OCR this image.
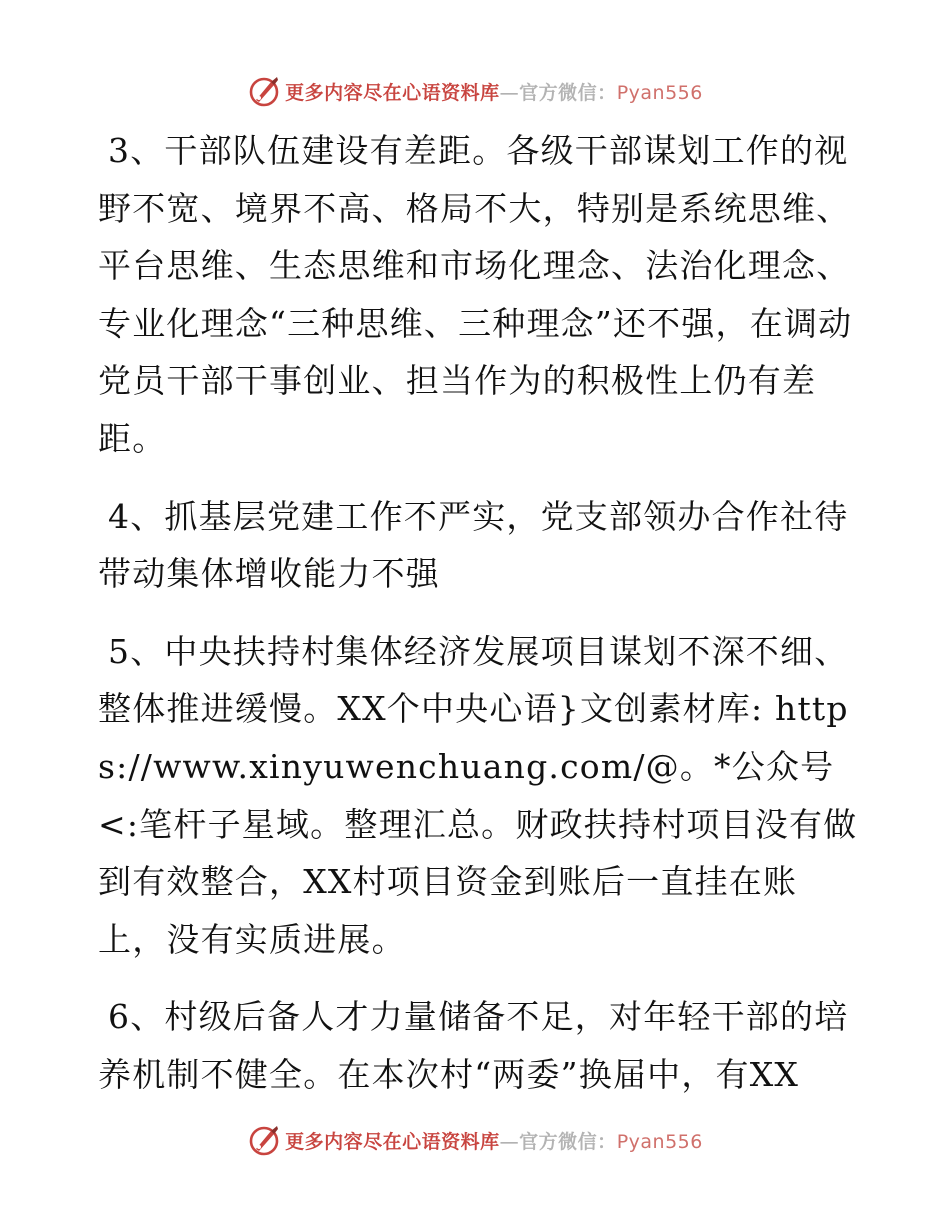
更多内容尽在心语资料库—官方微信：Pyan556

3、干部队伍建设有差距。各级干部谋划工作的视野不宽、境界不高、格局不大，特别是系统思维、平台思维、生态思维和市场化理念、法治化理念、专业化理念“三种思维、三种理念”还不强，在调动党员干部干事创业、担当作为的积极性上仍有差距。

4、抓基层党建工作不严实，党支部领办合作社待带动集体增收能力不强

5、中央扶持村集体经济发展项目谋划不深不细、整体推进缓慢。XX个中央心语}文创素材库: https://www.xinyuwenchuang.com/@。*公众号<:笔杆子星域。整理汇总。财政扶持村项目没有做到有效整合，XX村项目资金到账后一直挂在账上，没有实质进展。

6、村级后备人才力量储备不足，对年轻干部的培养机制不健全。在本次村“两委”换届中，有XX

更多内容尽在心语资料库—官方微信：Pyan556
